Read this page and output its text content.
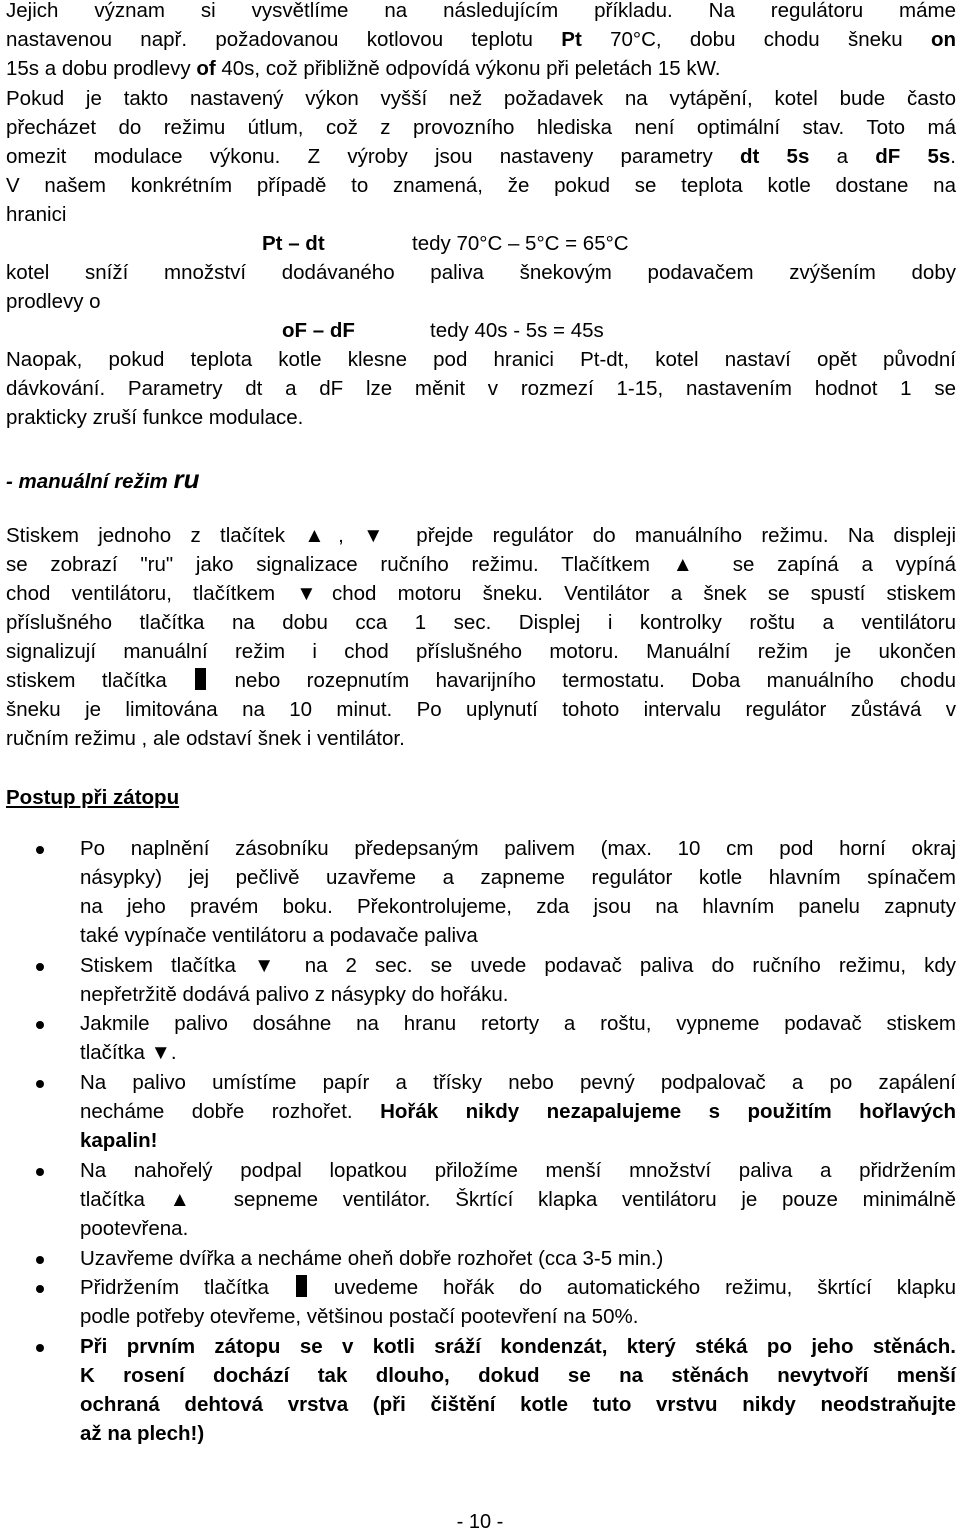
Jejich význam si vysvětlíme na následujícím příkladu. Na regulátoru máme
nastavenou např. požadovanou kotlovou teplotu Pt 70°C, dobu chodu šneku on
15s a dobu prodlevy of 40s, což přibližně odpovídá výkonu při peletách 15 kW.
Pokud je takto nastavený výkon vyšší než požadavek na vytápění, kotel bude často
přecházet do režimu útlum, což z provozního hlediska není optimální stav. Toto má
omezit modulace výkonu. Z výroby jsou nastaveny parametry dt 5s a dF 5s.
V našem konkrétním případě to znamená, že pokud se teplota kotle dostane na
hranici
Pt – dt	tedy 70°C – 5°C = 65°C
kotel sníží množství dodávaného paliva šnekovým podavačem zvýšením doby
prodlevy o
oF – dF	tedy 40s - 5s = 45s
Naopak, pokud teplota kotle klesne pod hranici Pt-dt, kotel nastaví opět původní
dávkování. Parametry dt a dF lze měnit v rozmezí 1-15, nastavením hodnot 1 se
prakticky zruší funkce modulace.
- manuální režim ru
Stiskem jednoho z tlačítek ▲, ▼ přejde regulátor do manuálního režimu. Na displeji
se zobrazí "ru" jako signalizace ručního režimu. Tlačítkem ▲ se zapíná a vypíná
chod ventilátoru, tlačítkem ▼chod motoru šneku. Ventilátor a šnek se spustí stiskem
příslušného tlačítka na dobu cca 1 sec. Displej i kontrolky roštu a ventilátoru
signalizují manuální režim i chod příslušného motoru. Manuální režim je ukončen
stiskem tlačítka	nebo rozepnutím havarijního termostatu. Doba manuálního chodu
šneku je limitována na 10 minut. Po uplynutí tohoto intervalu regulátor zůstává v
ručním režimu , ale odstaví šnek i ventilátor.
Postup při zátopu
Po naplnění zásobníku předepsaným palivem (max. 10 cm pod horní okraj
násypky) jej pečlivě uzavřeme a zapneme regulátor kotle hlavním spínačem
na jeho pravém boku. Překontrolujeme, zda jsou na hlavním panelu zapnuty
také vypínače ventilátoru a podavače paliva
Stiskem tlačítka ▼ na 2 sec. se uvede podavač paliva do ručního režimu, kdy
nepřetržitě dodává palivo z násypky do hořáku.
Jakmile palivo dosáhne na hranu retorty a roštu, vypneme podavač stiskem
tlačítka ▼.
Na palivo umístíme papír a třísky nebo pevný podpalovač a po zapálení
necháme dobře rozhořet. Hořák nikdy nezapalujeme s použitím hořlavých
kapalin!
Na nahořelý podpal lopatkou přiložíme menší množství paliva a přidržením
tlačítka ▲ sepneme ventilátor. Škrtící klapka ventilátoru je pouze minimálně
pootevřena.
Uzavřeme dvířka a necháme oheň dobře rozhořet (cca 3-5 min.)
Přidržením tlačítka	uvedeme hořák do automatického režimu, škrtící klapku
podle potřeby otevřeme, většinou postačí pootevření na 50%.
Při prvním zátopu se v kotli sráží kondenzát, který stéká po jeho stěnách.
K rosení dochází tak dlouho, dokud se na stěnách nevytvoří menší
ochraná dehtová vrstva (při čištění kotle tuto vrstvu nikdy neodstraňujte
až na plech!)
- 10 -
